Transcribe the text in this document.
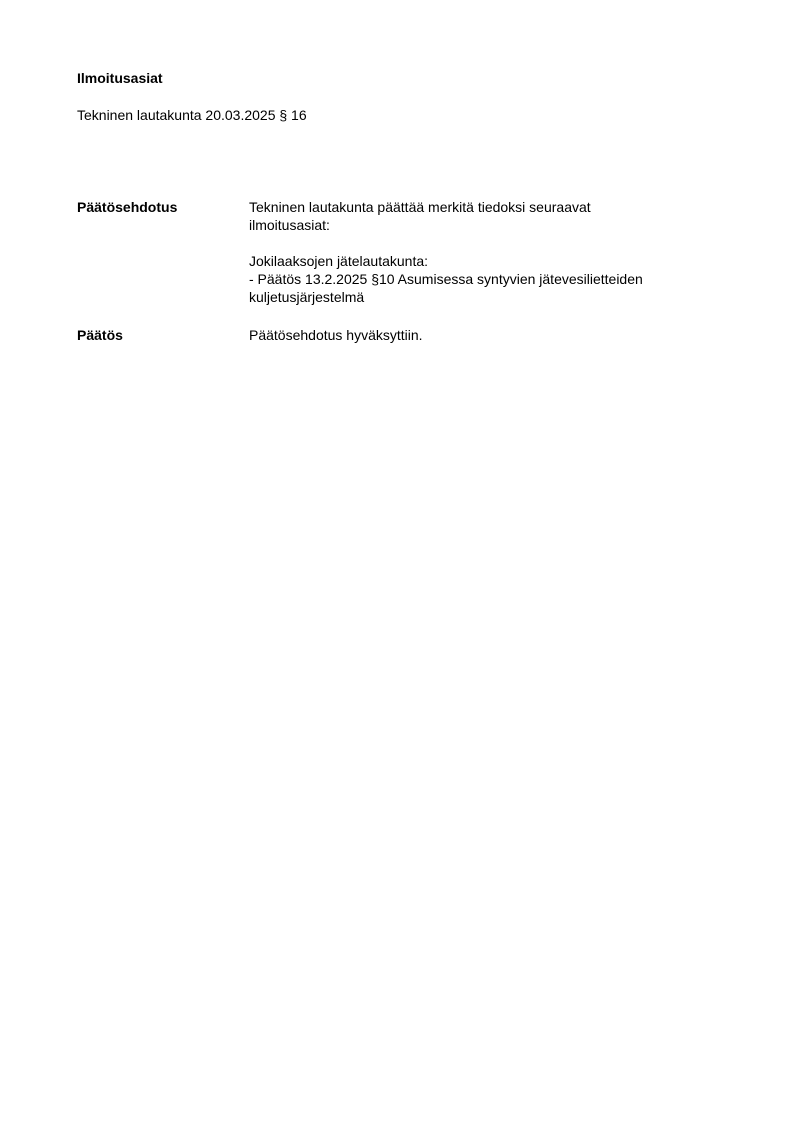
Ilmoitusasiat
Tekninen lautakunta 20.03.2025 § 16
Päätösehdotus	Tekninen lautakunta päättää merkitä tiedoksi seuraavat
ilmoitusasiat:
Jokilaaksojen jätelautakunta:
- Päätös 13.2.2025 §10 Asumisessa syntyvien jätevesilietteiden
kuljetusjärjestelmä
Päätös	Päätösehdotus hyväksyttiin.
